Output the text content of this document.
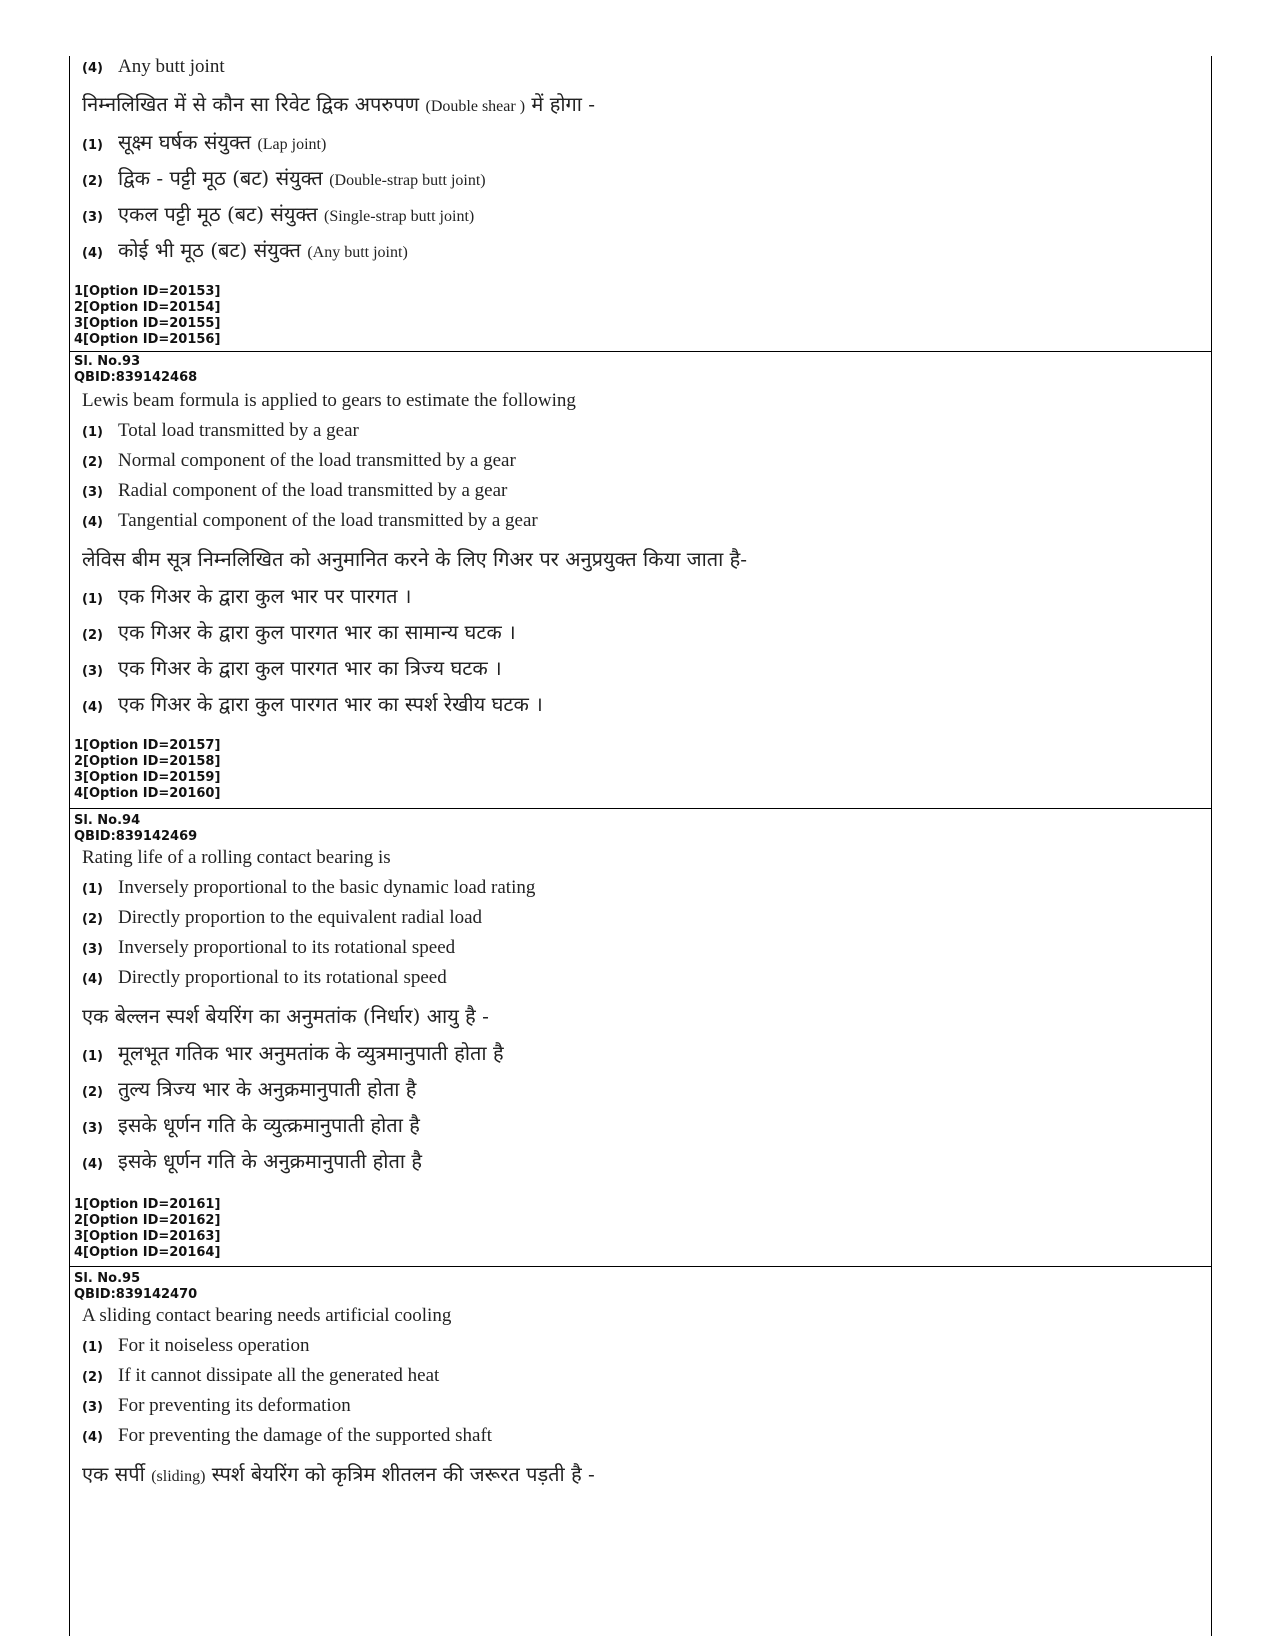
(4) Any butt joint
निम्नलिखित में से कौन सा रिवेट द्विक अपरुपण (Double shear ) में होगा -
(1) सूक्ष्म घर्षक संयुक्त
(Lap joint)
(2) द्विक - पट्टी मूठ (बट) संयुक्त
(Double-strap butt joint)
(3) एकल पट्टी मूठ (बट) संयुक्त
(Single-strap butt joint)
(4) कोई भी मूठ (बट) संयुक्त
(Any butt joint)
1[Option ID=20153]
2[Option ID=20154]
3[Option ID=20155]
4[Option ID=20156]
Sl. No.93
QBID:839142468
Lewis beam formula is applied to gears to estimate the following
(1) Total load transmitted by a gear
(2) Normal component of the load transmitted by a gear
(3) Radial component of the load transmitted by a gear
(4) Tangential component of the load transmitted by a gear
लेविस बीम सूत्र निम्नलिखित को अनुमानित करने के लिए गिअर पर अनुप्रयुक्त किया जाता है-
(1) एक गिअर के द्वारा कुल भार पर पारगत ।
(2) एक गिअर के द्वारा कुल पारगत भार का सामान्य घटक ।
(3) एक गिअर के द्वारा कुल पारगत भार का त्रिज्य घटक ।
(4) एक गिअर के द्वारा कुल पारगत भार का स्पर्श रेखीय घटक ।
1[Option ID=20157]
2[Option ID=20158]
3[Option ID=20159]
4[Option ID=20160]
Sl. No.94
QBID:839142469
Rating life of a rolling contact bearing is
(1) Inversely proportional to the basic dynamic load rating
(2) Directly proportion to the equivalent radial load
(3) Inversely proportional to its rotational speed
(4) Directly proportional to its rotational speed
एक बेल्लन स्पर्श बेयरिंग का अनुमतांक (निर्धार) आयु है -
(1) मूलभूत गतिक भार अनुमतांक के व्युत्रमानुपाती होता है
(2) तुल्य त्रिज्य भार के अनुक्रमानुपाती होता है
(3) इसके धूर्णन गति के व्युत्क्रमानुपाती होता है
(4) इसके धूर्णन गति के अनुक्रमानुपाती होता है
1[Option ID=20161]
2[Option ID=20162]
3[Option ID=20163]
4[Option ID=20164]
Sl. No.95
QBID:839142470
A sliding contact bearing needs artificial cooling
(1) For it noiseless operation
(2) If it cannot dissipate all the generated heat
(3) For preventing its deformation
(4) For preventing the damage of the supported shaft
एक सर्पी (sliding) स्पर्श बेयरिंग को कृत्रिम शीतलन की जरूरत पड़ती है -
